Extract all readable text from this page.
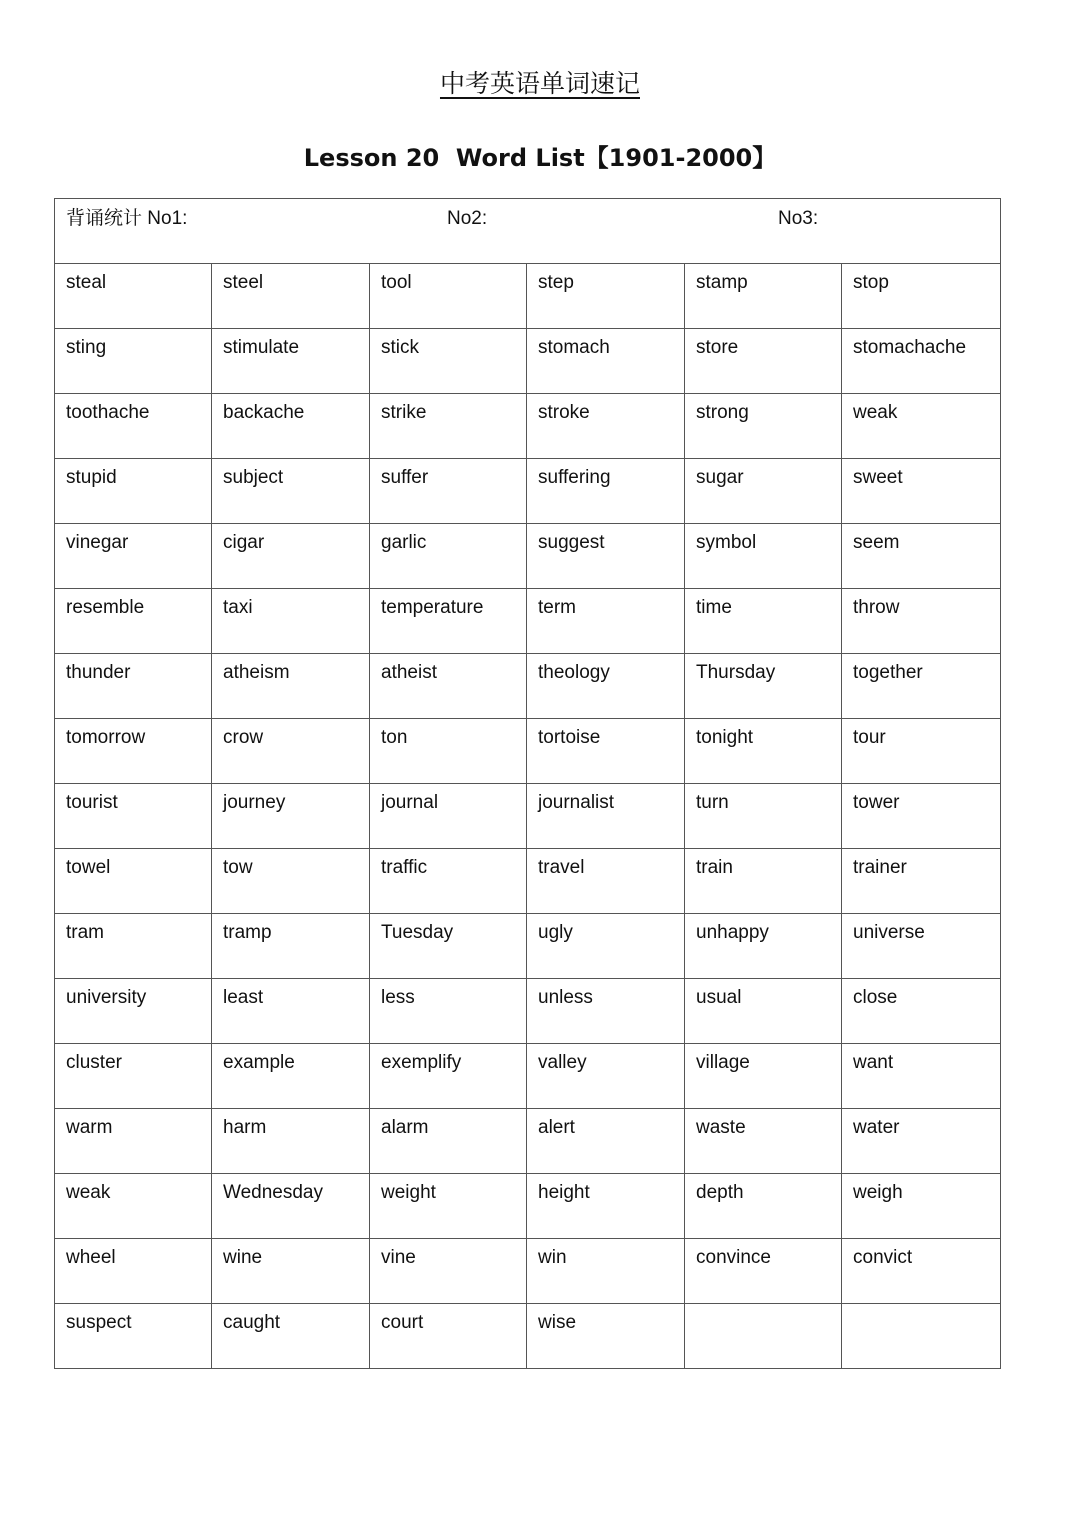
中考英语单词速记
Lesson 20  Word List【1901-2000】
背诵统计 No1: No2: No3:					

steal	steel	tool	step	stamp	stop

sting	stimulate	stick	stomach	store	stomachache

toothache	backache	strike	stroke	strong	weak

stupid	subject	suffer	suffering	sugar	sweet

vinegar	cigar	garlic	suggest	symbol	seem

resemble	taxi	temperature	term	time	throw

thunder	atheism	atheist	theology	Thursday	together

tomorrow	crow	ton	tortoise	tonight	tour

tourist	journey	journal	journalist	turn	tower

towel	tow	traffic	travel	train	trainer

tram	tramp	Tuesday	ugly	unhappy	universe

university	least	less	unless	usual	close

cluster	example	exemplify	valley	village	want

warm	harm	alarm	alert	waste	water

weak	Wednesday	weight	height	depth	weigh

wheel	wine	vine	win	convince	convict

suspect	caught	court	wise		
